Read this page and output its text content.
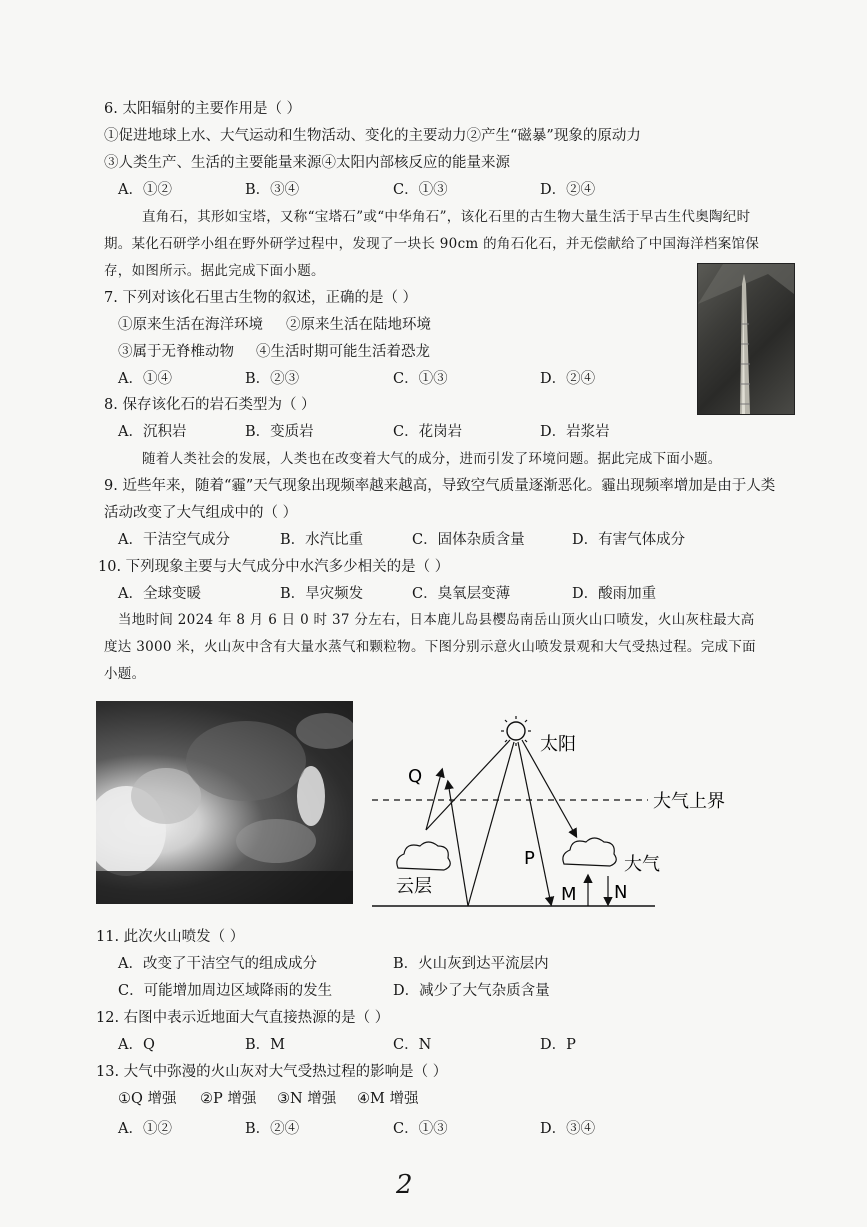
6. 太阳辐射的主要作用是（ ）
①促进地球上水、大气运动和生物活动、变化的主要动力②产生“磁暴”现象的原动力
③人类生产、生活的主要能量来源④太阳内部核反应的能量来源
A．①②	B．③④	C．①③	D．②④
直角石，其形如宝塔，又称“宝塔石”或“中华角石”，该化石里的古生物大量生活于早古生代奥陶纪时
期。某化石研学小组在野外研学过程中，发现了一块长 90cm 的角石化石，并无偿献给了中国海洋档案馆保
存，如图所示。据此完成下面小题。
7. 下列对该化石里古生物的叙述，正确的是（ ）
①原来生活在海洋环境 ②原来生活在陆地环境
③属于无脊椎动物 ④生活时期可能生活着恐龙
A．①④	B．②③	C．①③	D．②④
8. 保存该化石的岩石类型为（ ）
A．沉积岩	B．变质岩	C．花岗岩	D．岩浆岩
随着人类社会的发展，人类也在改变着大气的成分，进而引发了环境问题。据此完成下面小题。
9. 近些年来，随着“霾”天气现象出现频率越来越高，导致空气质量逐渐恶化。霾出现频率增加是由于人类
活动改变了大气组成中的（ ）
A．干洁空气成分	B．水汽比重	C．固体杂质含量	D．有害气体成分
10. 下列现象主要与大气成分中水汽多少相关的是（ ）
A．全球变暖	B．旱灾频发	C．臭氧层变薄	D．酸雨加重
当地时间 2024 年 8 月 6 日 0 时 37 分左右，日本鹿儿岛县樱岛南岳山顶火山口喷发，火山灰柱最大高
度达 3000 米，火山灰中含有大量水蒸气和颗粒物。下图分别示意火山喷发景观和大气受热过程。完成下面
小题。
太阳
大气上界
云层
大气
Q
P
M N
11. 此次火山喷发（ ）
A．改变了干洁空气的组成成分	B．火山灰到达平流层内
C．可能增加周边区域降雨的发生	D．减少了大气杂质含量
12. 右图中表示近地面大气直接热源的是（ ）
A．Q	B．M	C．N	D．P
13. 大气中弥漫的火山灰对大气受热过程的影响是（ ）
①Q 增强 ②P 增强 ③N 增强 ④M 增强
A．①②	B．②④	C．①③	D．③④
2
